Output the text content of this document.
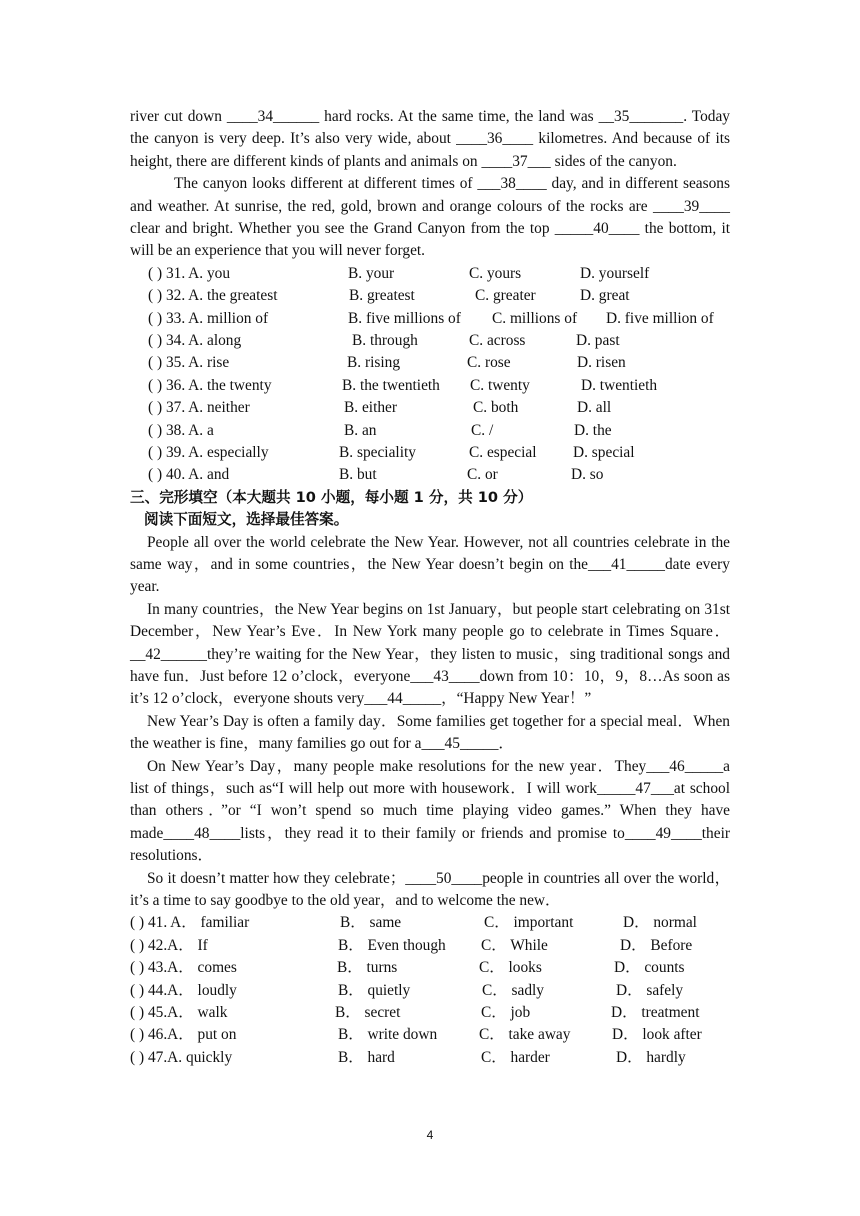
river cut down ____34______ hard rocks. At the same time, the land was __35_______. Today the canyon is very deep. It’s also very wide, about ____36____ kilometres. And because of its height, there are different kinds of plants and animals on ____37___ sides of the canyon.

The canyon looks different at different times of ___38____ day, and in different seasons and weather. At sunrise, the red, gold, brown and orange colours of the rocks are ____39____ clear and bright. Whether you see the Grand Canyon from the top _____40____ the bottom, it will be an experience that you will never forget.

( ) 31. A. you	B. your	C. yours	D. yourself
( ) 32. A. the greatest	B. greatest	C. greater	D. great
( ) 33. A. million of	B. five millions of C. millions of D. five million of
( ) 34. A. along	B. through	C. across	D. past
( ) 35. A. rise	B. rising	C. rose	D. risen
( ) 36. A. the twenty	B. the twentieth C. twenty	D. twentieth
( ) 37. A. neither	B. either	C. both	D. all
( ) 38. A. a	B. an	C. /	D. the
( ) 39. A. especially	B. speciality	C. especial D. special
( ) 40. A. and	B. but	C. or	D. so

三、完形填空（本大题共 10 小题，每小题 1 分，共 10 分）

阅读下面短文，选择最佳答案。

People all over the world celebrate the New Year. However, not all countries celebrate in the same way，and in some countries，the New Year doesn’t begin on the___41_____date every year.

In many countries，the New Year begins on 1st January，but people start celebrating on 31st December，New Year’s Eve．In New York many people go to celebrate in Times Square．__42______they’re waiting for the New Year，they listen to music，sing traditional songs and have fun．Just before 12 o’clock，everyone___43____down from 10：10，9，8…As soon as it’s 12 o’clock，everyone shouts very___44_____，“Happy New Year！”

New Year’s Day is often a family day．Some families get together for a special meal．When the weather is fine，many families go out for a___45_____．

On New Year’s Day，many people make resolutions for the new year．They___46_____a list of things，such as“I will help out more with housework．I will work_____47___at school than others．”or “I won’t spend so much time playing video games.” When they have made____48____lists，they read it to their family or friends and promise to____49____their resolutions．

So it doesn’t matter how they celebrate；____50____people in countries all over the world，it’s a time to say goodbye to the old year，and to welcome the new．

( ) 41. A． familiar	B． same	C． important	D． normal
( ) 42.A． If	B． Even though C． While	D． Before
( ) 43.A． comes	B． turns	C． looks	D． counts
( ) 44.A． loudly	B． quietly	C． sadly	D． safely
( ) 45.A． walk	B． secret	C． job	D． treatment
( ) 46.A． put on	B． write down	C． take away	D． look after
( ) 47.A. quickly	B． hard	C． harder	D． hardly
4
